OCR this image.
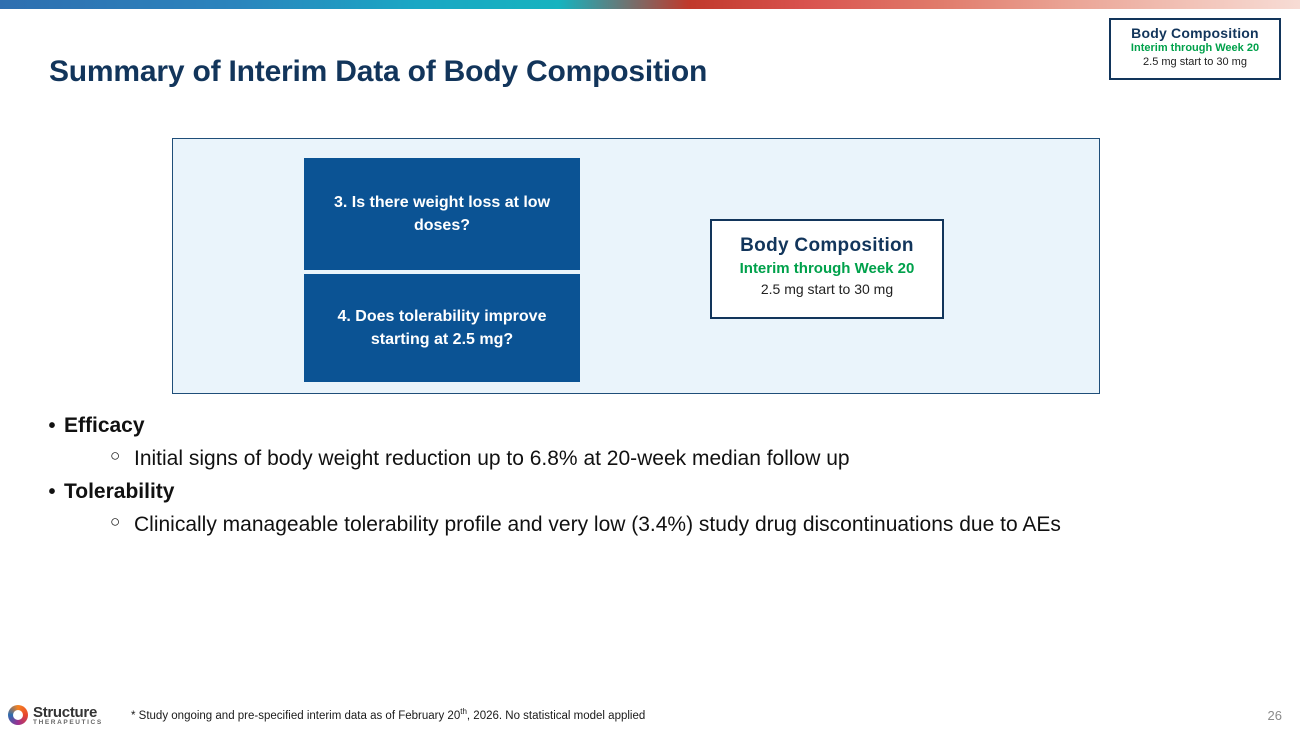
Summary of Interim Data of Body Composition
Body Composition
Interim through Week 20
2.5 mg start to 30 mg
3. Is there weight loss at low doses?
4. Does tolerability improve starting at 2.5 mg?
Body Composition
Interim through Week 20
2.5 mg start to 30 mg
• Efficacy
○ Initial signs of body weight reduction up to 6.8% at 20-week median follow up
• Tolerability
○ Clinically manageable tolerability profile and very low (3.4%) study drug discontinuations due to AEs
Structure
THERAPEUTICS * Study ongoing and pre-specified interim data as of February 20th, 2026. No statistical model applied	26
